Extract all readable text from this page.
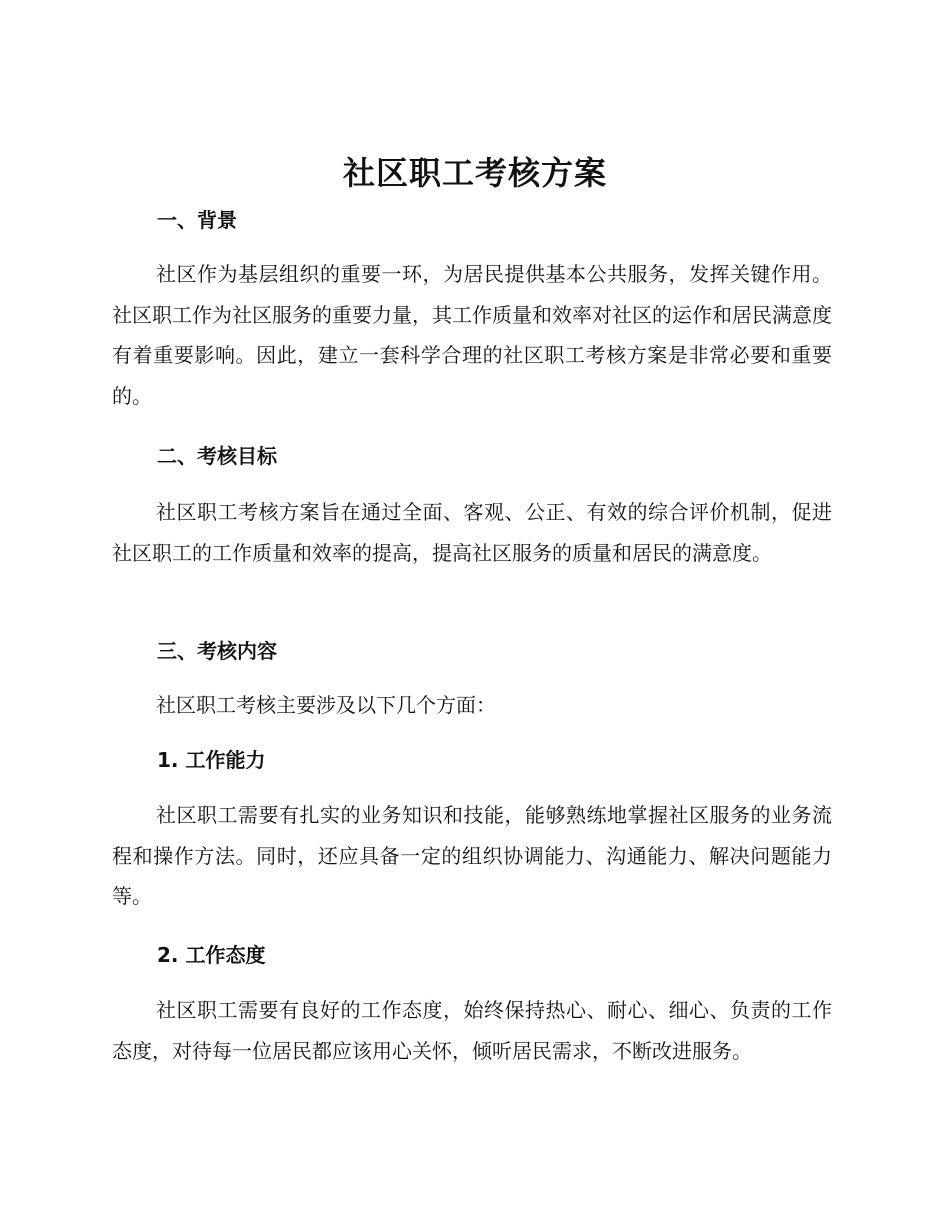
社区职工考核方案
一、背景
社区作为基层组织的重要一环，为居民提供基本公共服务，发挥关键作用。社区职工作为社区服务的重要力量，其工作质量和效率对社区的运作和居民满意度有着重要影响。因此，建立一套科学合理的社区职工考核方案是非常必要和重要的。
二、考核目标
社区职工考核方案旨在通过全面、客观、公正、有效的综合评价机制，促进社区职工的工作质量和效率的提高，提高社区服务的质量和居民的满意度。
三、考核内容
社区职工考核主要涉及以下几个方面：
1. 工作能力
社区职工需要有扎实的业务知识和技能，能够熟练地掌握社区服务的业务流程和操作方法。同时，还应具备一定的组织协调能力、沟通能力、解决问题能力等。
2. 工作态度
社区职工需要有良好的工作态度，始终保持热心、耐心、细心、负责的工作态度，对待每一位居民都应该用心关怀，倾听居民需求，不断改进服务。
